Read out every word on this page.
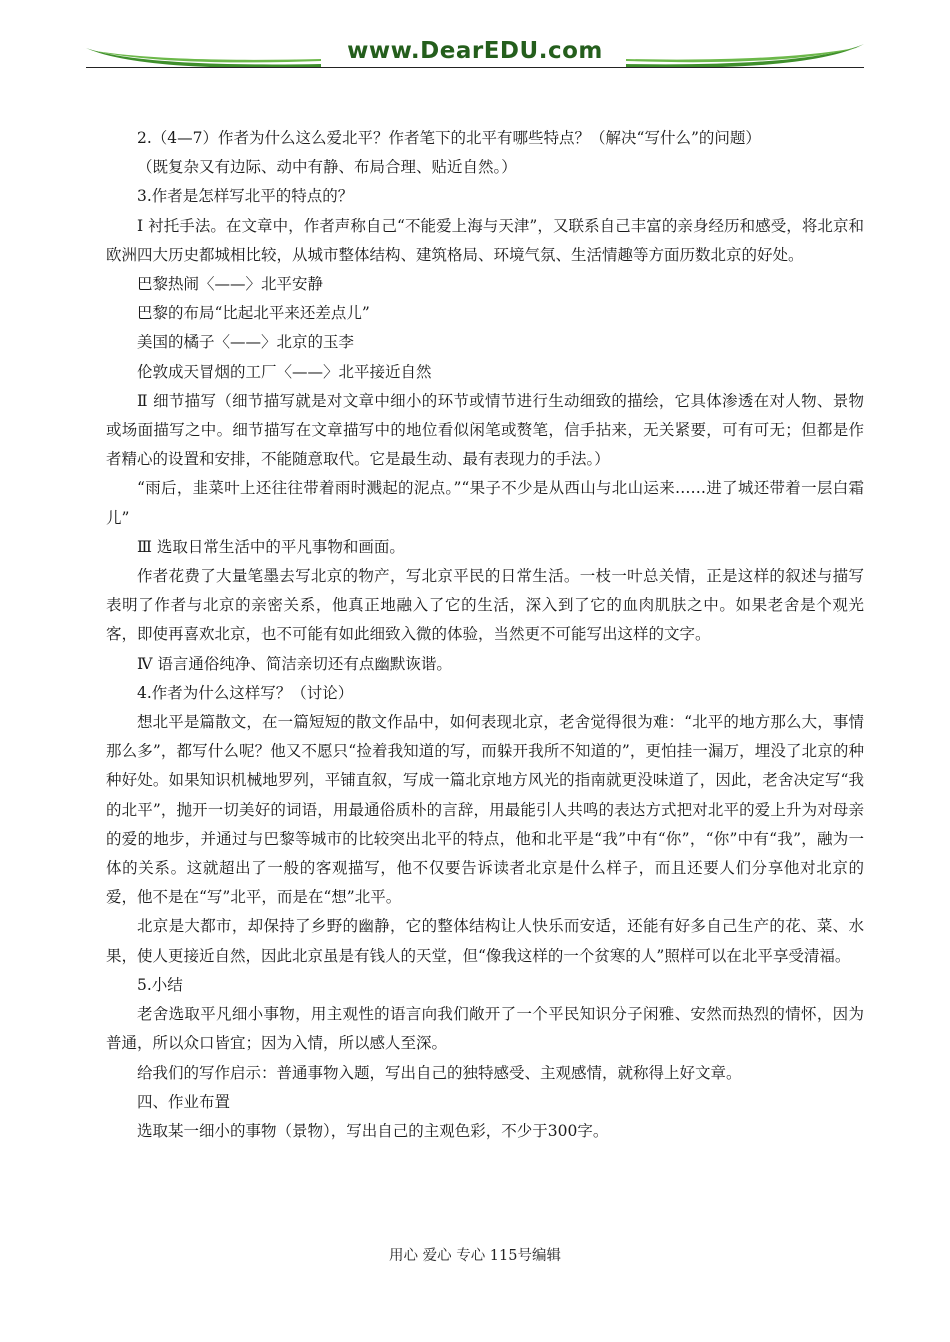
www.DearEDU.com

2.（4—7）作者为什么这么爱北平？作者笔下的北平有哪些特点？（解决“写什么”的问题）

（既复杂又有边际、动中有静、布局合理、贴近自然。）

3.作者是怎样写北平的特点的？

Ⅰ 衬托手法。在文章中，作者声称自己“不能爱上海与天津”，又联系自己丰富的亲身经历和感受，将北京和欧洲四大历史都城相比较，从城市整体结构、建筑格局、环境气氛、生活情趣等方面历数北京的好处。

巴黎热闹〈——〉北平安静

巴黎的布局“比起北平来还差点儿”

美国的橘子〈——〉北京的玉李

伦敦成天冒烟的工厂〈——〉北平接近自然

Ⅱ 细节描写（细节描写就是对文章中细小的环节或情节进行生动细致的描绘，它具体渗透在对人物、景物或场面描写之中。细节描写在文章描写中的地位看似闲笔或赘笔，信手拈来，无关紧要，可有可无；但都是作者精心的设置和安排，不能随意取代。它是最生动、最有表现力的手法。）

“雨后，韭菜叶上还往往带着雨时溅起的泥点。”“果子不少是从西山与北山运来……进了城还带着一层白霜儿”

Ⅲ 选取日常生活中的平凡事物和画面。

作者花费了大量笔墨去写北京的物产，写北京平民的日常生活。一枝一叶总关情，正是这样的叙述与描写表明了作者与北京的亲密关系，他真正地融入了它的生活，深入到了它的血肉肌肤之中。如果老舍是个观光客，即使再喜欢北京，也不可能有如此细致入微的体验，当然更不可能写出这样的文字。

Ⅳ 语言通俗纯净、简洁亲切还有点幽默诙谐。

4.作者为什么这样写？（讨论）

想北平是篇散文，在一篇短短的散文作品中，如何表现北京，老舍觉得很为难：“北平的地方那么大，事情那么多”，都写什么呢？他又不愿只“捡着我知道的写，而躲开我所不知道的”，更怕挂一漏万，埋没了北京的种种好处。如果知识机械地罗列，平铺直叙，写成一篇北京地方风光的指南就更没味道了，因此，老舍决定写“我的北平”，抛开一切美好的词语，用最通俗质朴的言辞，用最能引人共鸣的表达方式把对北平的爱上升为对母亲的爱的地步，并通过与巴黎等城市的比较突出北平的特点，他和北平是“我”中有“你”，“你”中有“我”，融为一体的关系。这就超出了一般的客观描写，他不仅要告诉读者北京是什么样子，而且还要人们分享他对北京的爱，他不是在“写”北平，而是在“想”北平。

北京是大都市，却保持了乡野的幽静，它的整体结构让人快乐而安适，还能有好多自己生产的花、菜、水果，使人更接近自然，因此北京虽是有钱人的天堂，但“像我这样的一个贫寒的人”照样可以在北平享受清福。

5.小结

老舍选取平凡细小事物，用主观性的语言向我们敞开了一个平民知识分子闲雅、安然而热烈的情怀，因为普通，所以众口皆宜；因为入情，所以感人至深。

给我们的写作启示：普通事物入题，写出自己的独特感受、主观感情，就称得上好文章。

四、作业布置

选取某一细小的事物（景物），写出自己的主观色彩，不少于300字。

用心 爱心 专心 115号编辑
